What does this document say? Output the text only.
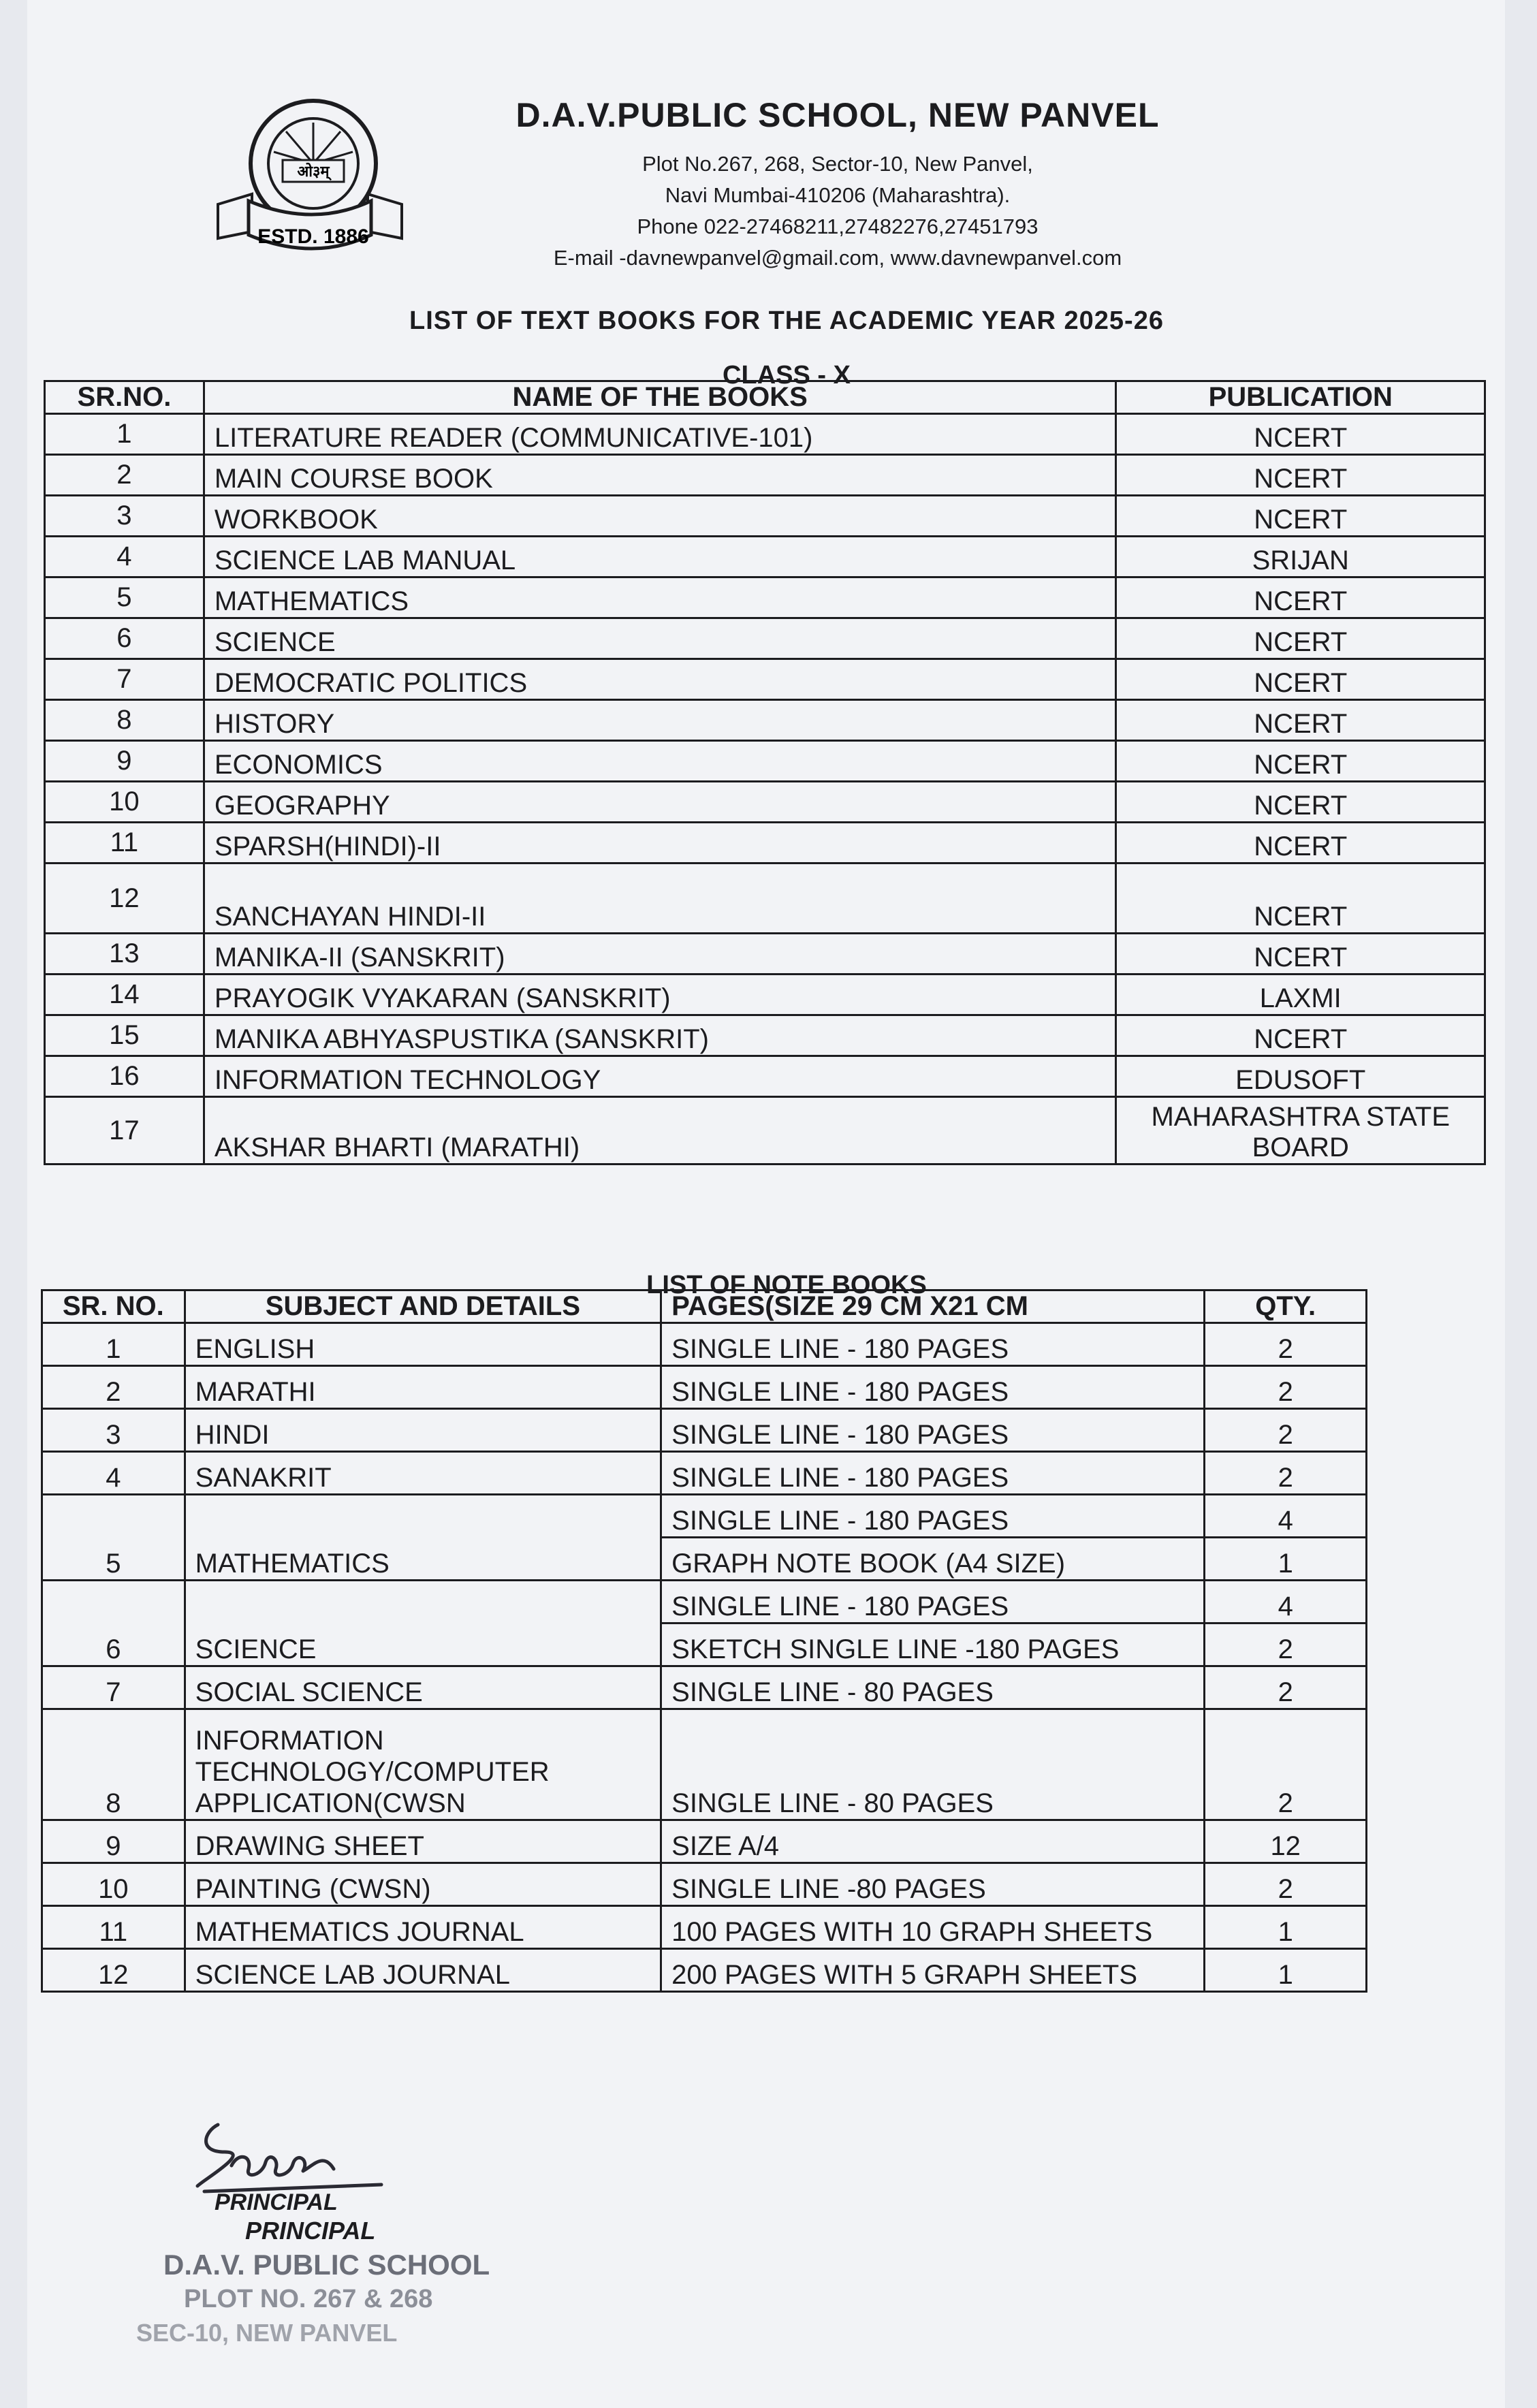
ओ३म्
ESTD. 1886
D.A.V.PUBLIC SCHOOL, NEW PANVEL
Plot No.267, 268, Sector-10, New Panvel,
Navi Mumbai-410206 (Maharashtra).
Phone 022-27468211,27482276,27451793
E-mail -davnewpanvel@gmail.com, www.davnewpanvel.com
LIST OF TEXT BOOKS FOR THE ACADEMIC YEAR 2025-26
CLASS - X
SR.NO.	NAME OF THE BOOKS	PUBLICATION
1	LITERATURE READER (COMMUNICATIVE-101)	NCERT
2	MAIN COURSE BOOK	NCERT
3	WORKBOOK	NCERT
4	SCIENCE LAB MANUAL	SRIJAN
5	MATHEMATICS	NCERT
6	SCIENCE	NCERT
7	DEMOCRATIC POLITICS	NCERT
8	HISTORY	NCERT
9	ECONOMICS	NCERT
10	GEOGRAPHY	NCERT
11	SPARSH(HINDI)-II	NCERT
12	SANCHAYAN HINDI-II	NCERT
13	MANIKA-II (SANSKRIT)	NCERT
14	PRAYOGIK VYAKARAN (SANSKRIT)	LAXMI
15	MANIKA ABHYASPUSTIKA (SANSKRIT)	NCERT
16	INFORMATION TECHNOLOGY	EDUSOFT
17	AKSHAR BHARTI (MARATHI)	MAHARASHTRA STATE BOARD
LIST OF NOTE BOOKS
SR. NO.	SUBJECT AND DETAILS	PAGES(SIZE 29 CM X21 CM	QTY.
1	ENGLISH	SINGLE LINE - 180 PAGES	2
2	MARATHI	SINGLE LINE - 180 PAGES	2
3	HINDI	SINGLE LINE - 180 PAGES	2
4	SANAKRIT	SINGLE LINE - 180 PAGES	2
5	MATHEMATICS	SINGLE LINE - 180 PAGES	4
		GRAPH NOTE BOOK (A4 SIZE)	1
6	SCIENCE	SINGLE LINE - 180 PAGES	4
		SKETCH SINGLE LINE -180 PAGES	2
7	SOCIAL SCIENCE	SINGLE LINE - 80 PAGES	2
8	INFORMATION TECHNOLOGY/COMPUTER APPLICATION(CWSN	SINGLE LINE - 80 PAGES	2
9	DRAWING SHEET	SIZE A/4	12
10	PAINTING (CWSN)	SINGLE LINE -80 PAGES	2
11	MATHEMATICS JOURNAL	100 PAGES WITH 10 GRAPH SHEETS	1
12	SCIENCE LAB JOURNAL	200 PAGES WITH 5 GRAPH SHEETS	1
PRINCIPAL
PRINCIPAL
D.A.V. PUBLIC SCHOOL
PLOT NO. 267 & 268
SEC-10, NEW PANVEL
